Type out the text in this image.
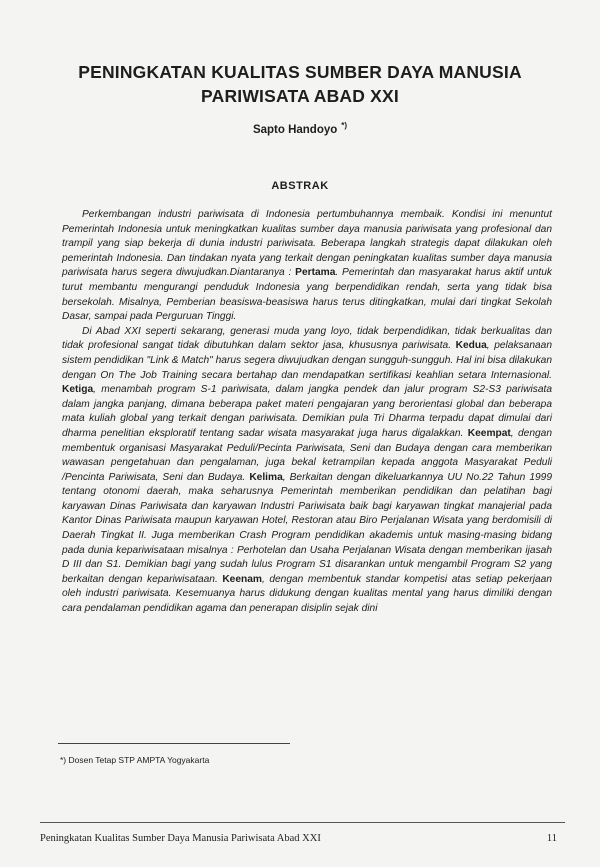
PENINGKATAN KUALITAS SUMBER DAYA MANUSIA
PARIWISATA ABAD XXI
Sapto Handoyo *)
ABSTRAK

Perkembangan industri pariwisata di Indonesia pertumbuhannya membaik. Kondisi ini menuntut Pemerintah Indonesia untuk meningkatkan kualitas sumber daya manusia pariwisata yang profesional dan trampil yang siap bekerja di dunia industri pariwisata. Beberapa langkah strategis dapat dilakukan oleh pemerintah Indonesia. Dan tindakan nyata yang terkait dengan peningkatan kualitas sumber daya manusia pariwisata harus segera diwujudkan.Diantaranya : Pertama. Pemerintah dan masyarakat harus aktif untuk turut membantu mengurangi penduduk Indonesia yang berpendidikan rendah, serta yang tidak bisa bersekolah. Misalnya, Pemberian beasiswa-beasiswa harus terus ditingkatkan, mulai dari tingkat Sekolah Dasar, sampai pada Perguruan Tinggi.

Di Abad XXI seperti sekarang, generasi muda yang loyo, tidak berpendidikan, tidak berkualitas dan tidak profesional sangat tidak dibutuhkan dalam sektor jasa, khususnya pariwisata. Kedua, pelaksanaan sistem pendidikan "Link & Match" harus segera diwujudkan dengan sungguh-sungguh. Hal ini bisa dilakukan dengan On The Job Training secara bertahap dan mendapatkan sertifikasi keahlian setara Internasional. Ketiga, menambah program S-1 pariwisata, dalam jangka pendek dan jalur program S2-S3 pariwisata dalam jangka panjang, dimana beberapa paket materi pengajaran yang berorientasi global dan beberapa mata kuliah global yang terkait dengan pariwisata. Demikian pula Tri Dharma terpadu dapat dimulai dari dharma penelitian eksploratif tentang sadar wisata masyarakat juga harus digalakkan. Keempat, dengan membentuk organisasi Masyarakat Peduli/Pecinta Pariwisata, Seni dan Budaya dengan cara memberikan wawasan pengetahuan dan pengalaman, juga bekal ketrampilan kepada anggota Masyarakat Peduli /Pencinta Pariwisata, Seni dan Budaya. Kelima, Berkaitan dengan dikeluarkannya UU No.22 Tahun 1999 tentang otonomi daerah, maka seharusnya Pemerintah memberikan pendidikan dan pelatihan bagi karyawan Dinas Pariwisata dan karyawan Industri Pariwisata baik bagi karyawan tingkat manajerial pada Kantor Dinas Pariwisata maupun karyawan Hotel, Restoran atau Biro Perjalanan Wisata yang berdomisili di Daerah Tingkat II. Juga memberikan Crash Program pendidikan akademis untuk masing-masing bidang pada dunia kepariwisataan misalnya : Perhotelan dan Usaha Perjalanan Wisata dengan memberikan ijasah D III dan S1. Demikian bagi yang sudah lulus Program S1 disarankan untuk mengambil Program S2 yang berkaitan dengan kepariwisataan. Keenam, dengan membentuk standar kompetisi atas setiap pekerjaan oleh industri pariwisata. Kesemuanya harus didukung dengan kualitas mental yang harus dimiliki dengan cara pendalaman pendidikan agama dan penerapan disiplin sejak dini

*) Dosen Tetap STP AMPTA Yogyakarta
Peningkatan Kualitas Sumber Daya Manusia Pariwisata Abad XXI	11
